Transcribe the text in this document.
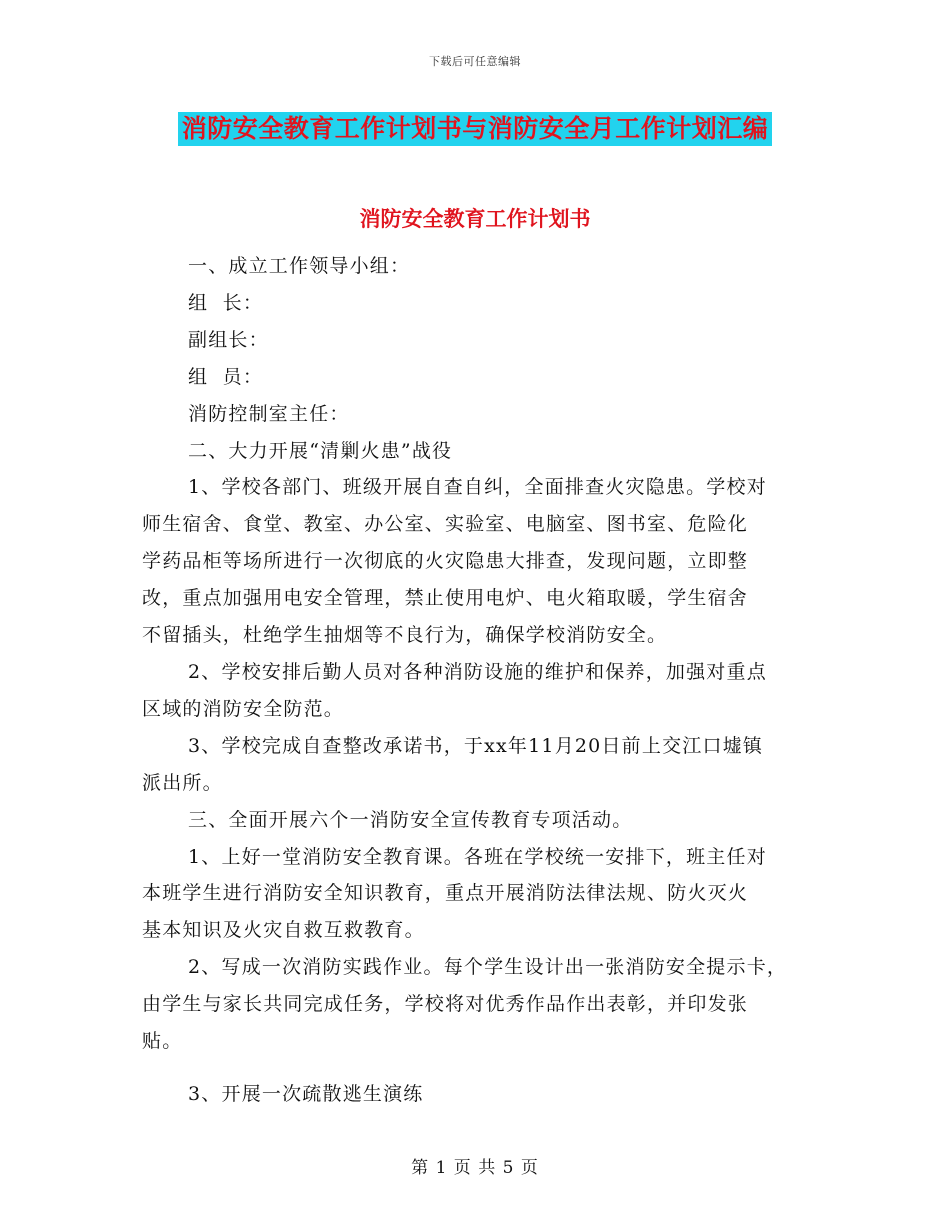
下载后可任意编辑
消防安全教育工作计划书与消防安全月工作计划汇编
消防安全教育工作计划书
一、成立工作领导小组：
组  长：
副组长：
组  员：
消防控制室主任：
二、大力开展“清剿火患”战役
1、学校各部门、班级开展自查自纠，全面排查火灾隐患。学校对
师生宿舍、食堂、教室、办公室、实验室、电脑室、图书室、危险化
学药品柜等场所进行一次彻底的火灾隐患大排查，发现问题，立即整
改，重点加强用电安全管理，禁止使用电炉、电火箱取暖，学生宿舍
不留插头，杜绝学生抽烟等不良行为，确保学校消防安全。
2、学校安排后勤人员对各种消防设施的维护和保养，加强对重点
区域的消防安全防范。
3、学校完成自查整改承诺书，于xx年11月20日前上交江口墟镇
派出所。
三、全面开展六个一消防安全宣传教育专项活动。
1、上好一堂消防安全教育课。各班在学校统一安排下，班主任对
本班学生进行消防安全知识教育，重点开展消防法律法规、防火灭火
基本知识及火灾自救互救教育。
2、写成一次消防实践作业。每个学生设计出一张消防安全提示卡，
由学生与家长共同完成任务，学校将对优秀作品作出表彰，并印发张
贴。
3、开展一次疏散逃生演练
第 1 页 共 5 页
